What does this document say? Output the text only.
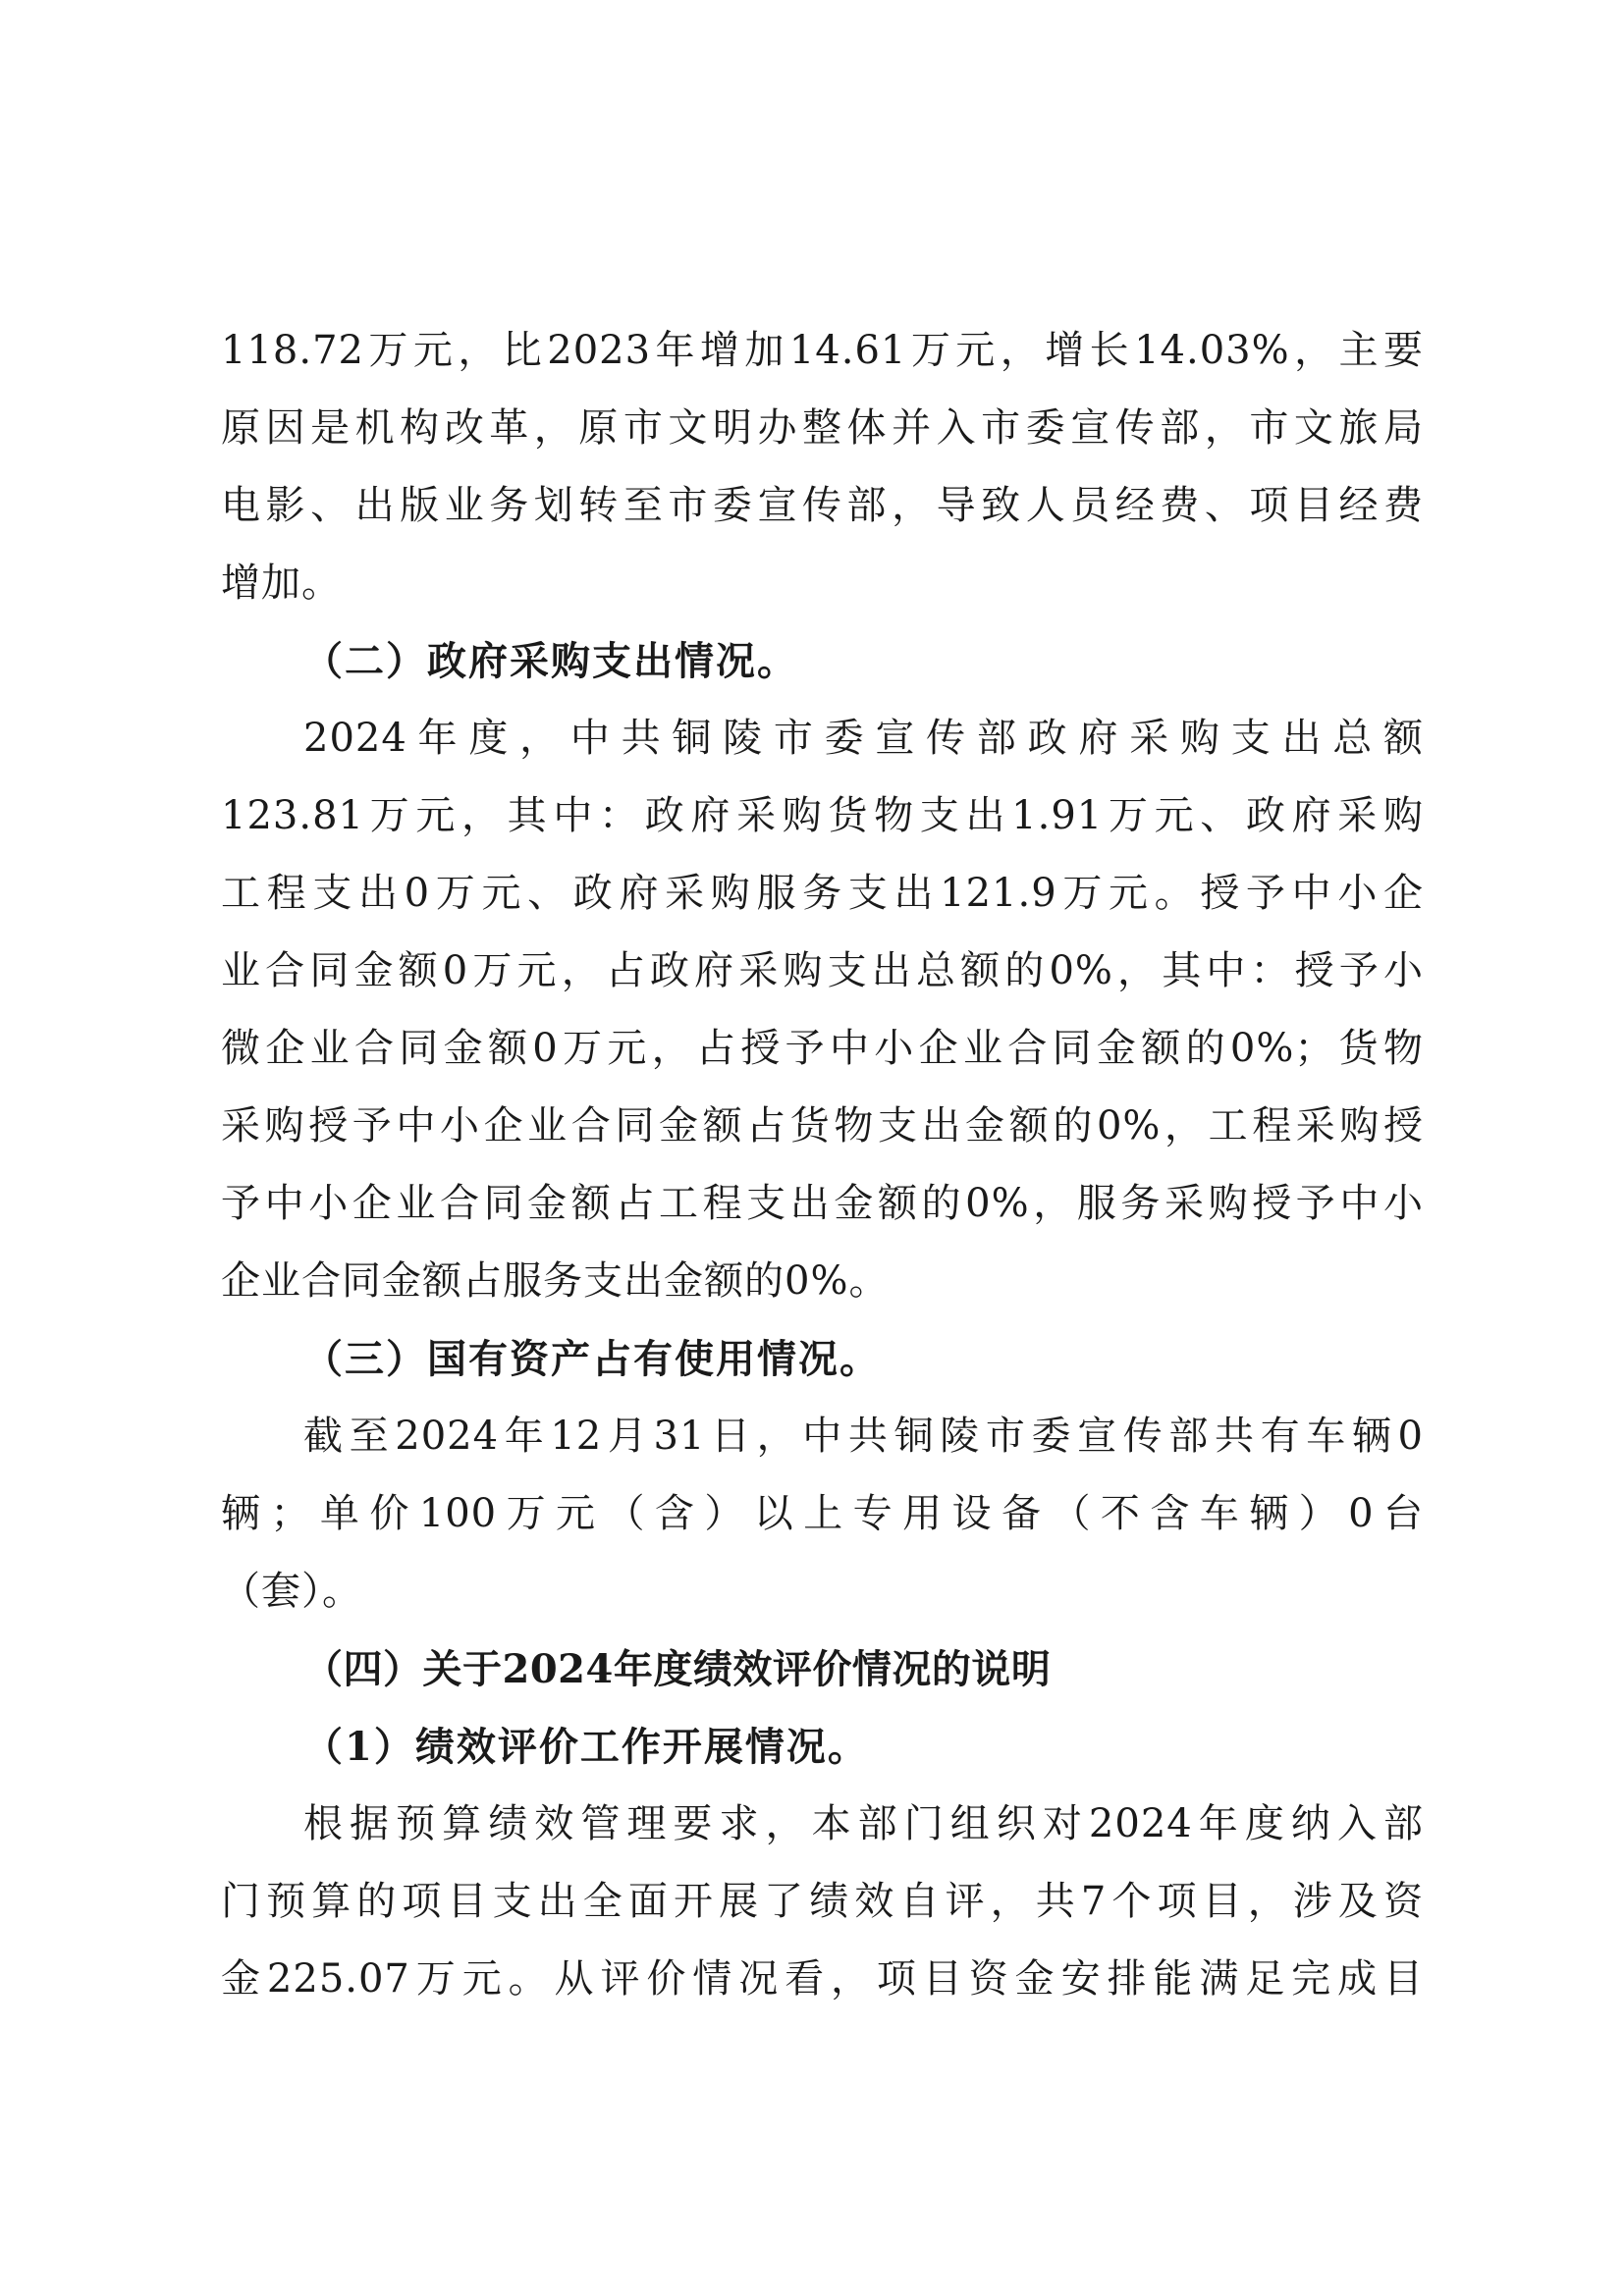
118.72万元，比2023年增加14.61万元，增长14.03%，主要
原因是机构改革，原市文明办整体并入市委宣传部，市文旅局
电影、出版业务划转至市委宣传部，导致人员经费、项目经费
增加。
（二）政府采购支出情况。
2024年度，中共铜陵市委宣传部政府采购支出总额
123.81万元，其中：政府采购货物支出1.91万元、政府采购
工程支出0万元、政府采购服务支出121.9万元。授予中小企
业合同金额0万元，占政府采购支出总额的0%，其中：授予小
微企业合同金额0万元，占授予中小企业合同金额的0%；货物
采购授予中小企业合同金额占货物支出金额的0%，工程采购授
予中小企业合同金额占工程支出金额的0%，服务采购授予中小
企业合同金额占服务支出金额的0%。
（三）国有资产占有使用情况。
截至2024年12月31日，中共铜陵市委宣传部共有车辆0
辆；单价100万元（含）以上专用设备（不含车辆）0台
（套）。
（四）关于2024年度绩效评价情况的说明
（1）绩效评价工作开展情况。
根据预算绩效管理要求，本部门组织对2024年度纳入部
门预算的项目支出全面开展了绩效自评，共7个项目，涉及资
金225.07万元。从评价情况看，项目资金安排能满足完成目
